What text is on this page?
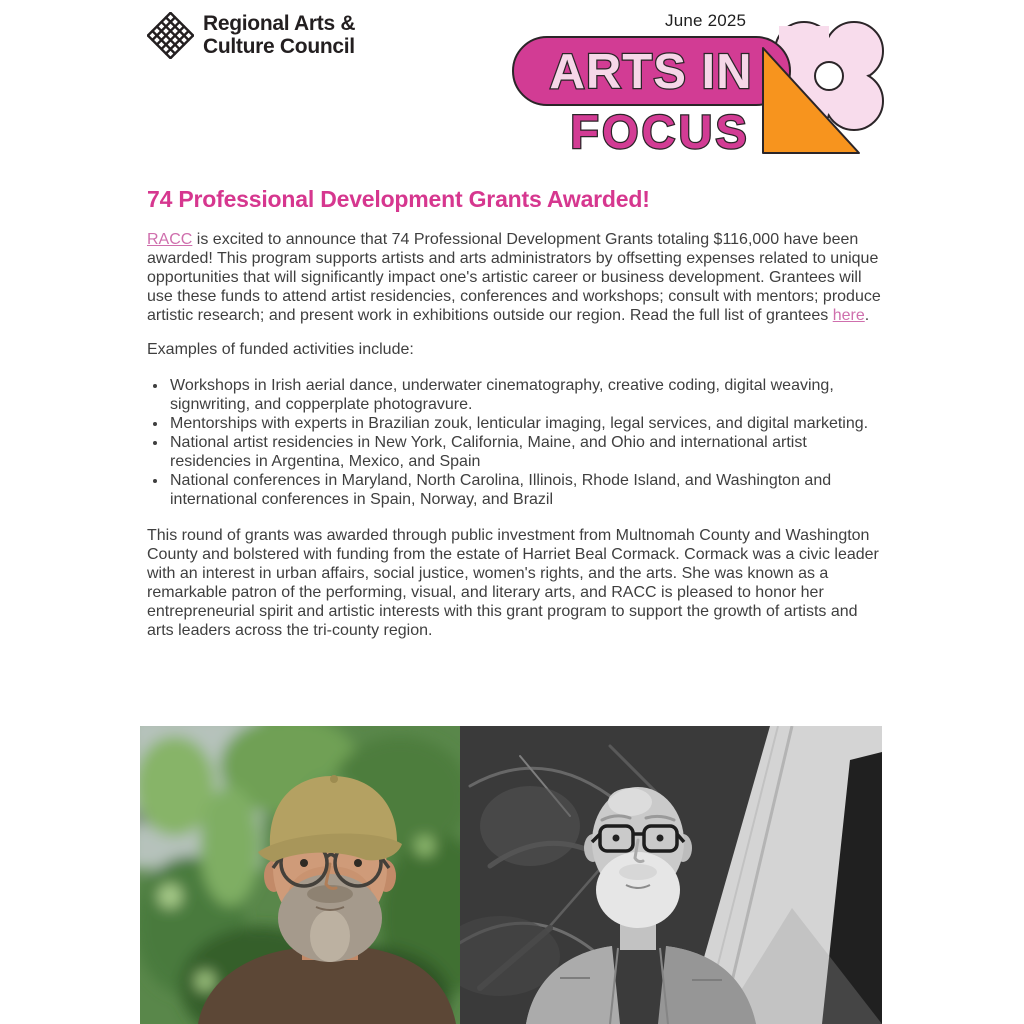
Regional Arts &
Culture Council
June 2025
ARTS IN
FOCUS
74 Professional Development Grants Awarded!

RACC is excited to announce that 74 Professional Development Grants totaling $116,000 have been awarded! This program supports artists and arts administrators by offsetting expenses related to unique opportunities that will significantly impact one's artistic career or business development. Grantees will use these funds to attend artist residencies, conferences and workshops; consult with mentors; produce artistic research; and present work in exhibitions outside our region. Read the full list of grantees here.

Examples of funded activities include:

• Workshops in Irish aerial dance, underwater cinematography, creative coding, digital weaving, signwriting, and copperplate photogravure.
• Mentorships with experts in Brazilian zouk, lenticular imaging, legal services, and digital marketing.
• National artist residencies in New York, California, Maine, and Ohio and international artist residencies in Argentina, Mexico, and Spain
• National conferences in Maryland, North Carolina, Illinois, Rhode Island, and Washington and international conferences in Spain, Norway, and Brazil

This round of grants was awarded through public investment from Multnomah County and Washington County and bolstered with funding from the estate of Harriet Beal Cormack. Cormack was a civic leader with an interest in urban affairs, social justice, women's rights, and the arts. She was known as a remarkable patron of the performing, visual, and literary arts, and RACC is pleased to honor her entrepreneurial spirit and artistic interests with this grant program to support the growth of artists and arts leaders across the tri-county region.
